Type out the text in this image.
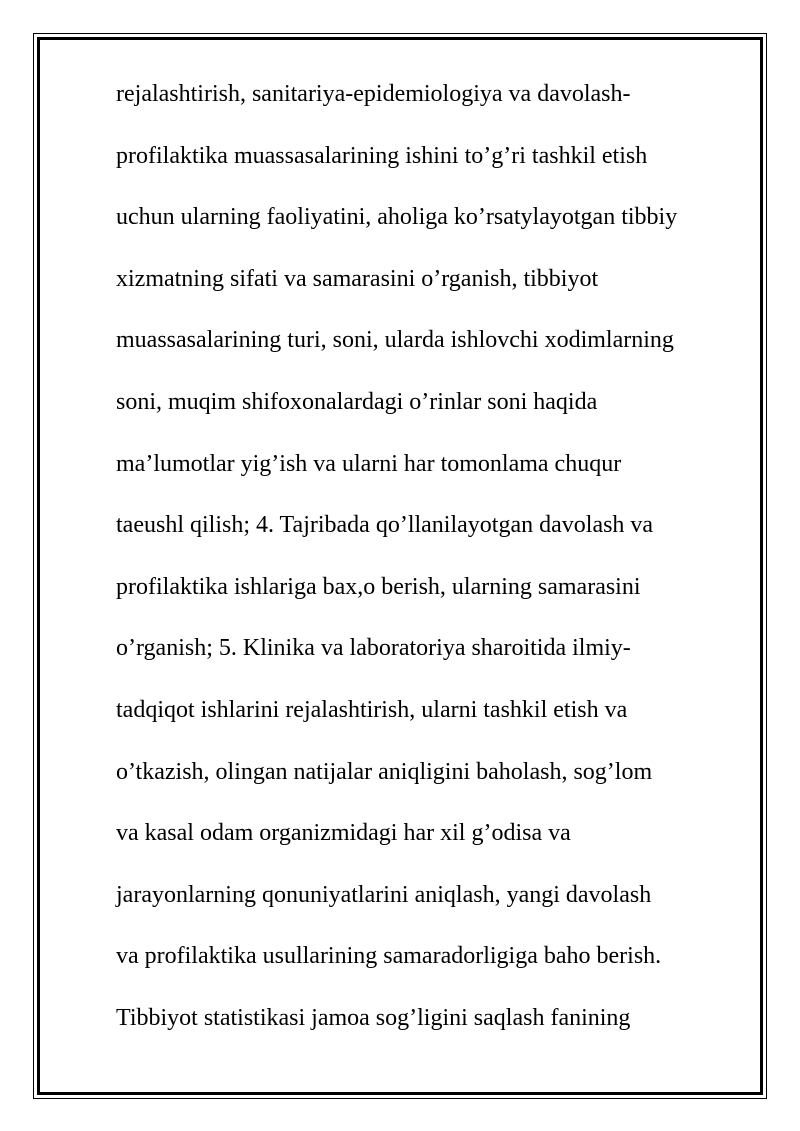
rejalashtirish, sanitariya-epidemiologiya va davolash-
profilaktika muassasalarining ishini to’g’ri tashkil etish
uchun ularning faoliyatini, aholiga ko’rsatylayotgan tibbiy
xizmatning sifati va samarasini o’rganish, tibbiyot
muassasalarining turi, soni, ularda ishlovchi xodimlarning
soni, muqim shifoxonalardagi o’rinlar soni haqida
ma’lumotlar yig’ish va ularni har tomonlama chuqur
taeushl qilish; 4. Tajribada qo’llanilayotgan davolash va
profilaktika ishlariga bax,o berish, ularning samarasini
o’rganish; 5. Klinika va laboratoriya sharoitida ilmiy-
tadqiqot ishlarini rejalashtirish, ularni tashkil etish va
o’tkazish, olingan natijalar aniqligini baholash, sog’lom
va kasal odam organizmidagi har xil g’odisa va
jarayonlarning qonuniyatlarini aniqlash, yangi davolash
va profilaktika usullarining samaradorligiga baho berish.
Tibbiyot statistikasi jamoa sog’ligini saqlash fanining
